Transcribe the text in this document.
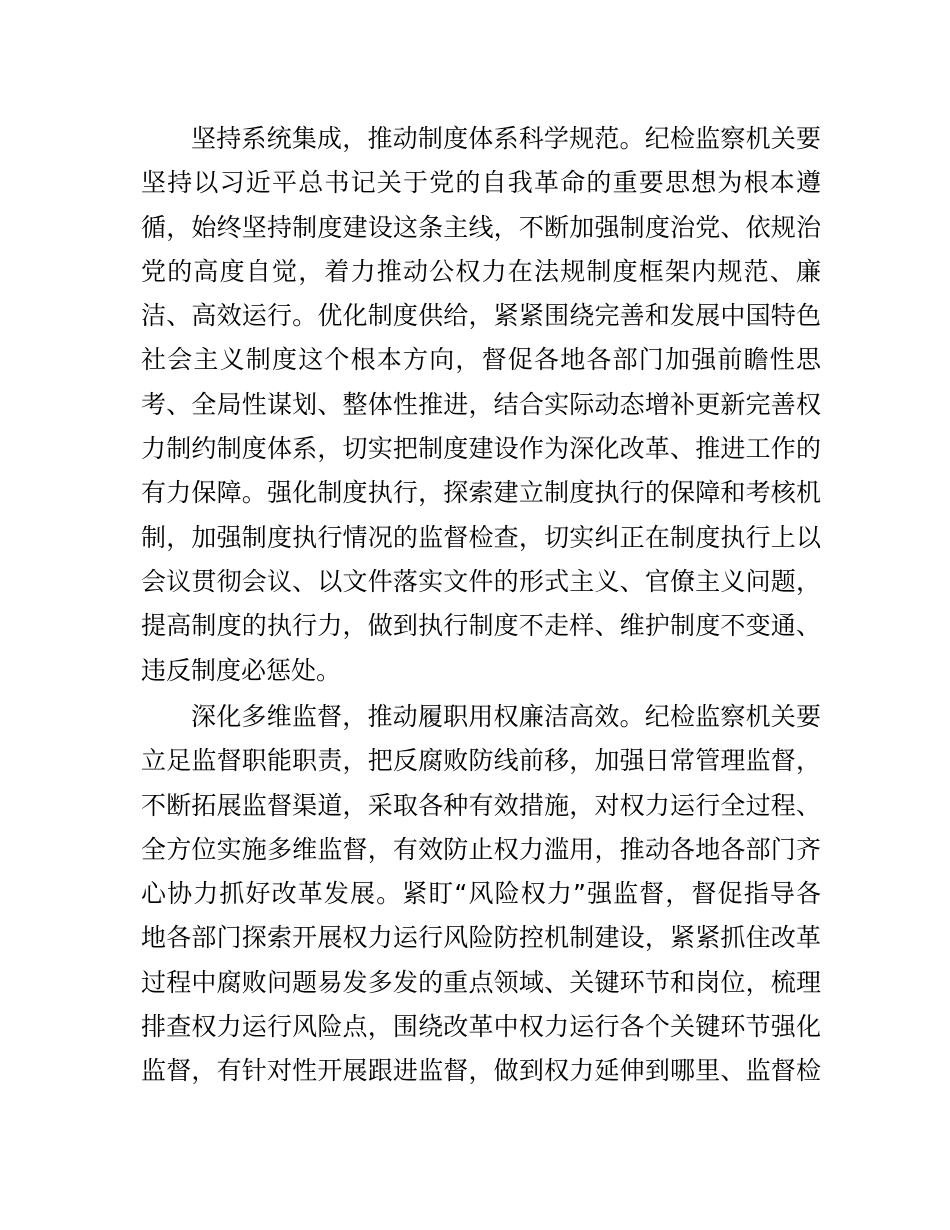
坚持系统集成，推动制度体系科学规范。纪检监察机关要
坚持以习近平总书记关于党的自我革命的重要思想为根本遵
循，始终坚持制度建设这条主线，不断加强制度治党、依规治
党的高度自觉，着力推动公权力在法规制度框架内规范、廉
洁、高效运行。优化制度供给，紧紧围绕完善和发展中国特色
社会主义制度这个根本方向，督促各地各部门加强前瞻性思
考、全局性谋划、整体性推进，结合实际动态增补更新完善权
力制约制度体系，切实把制度建设作为深化改革、推进工作的
有力保障。强化制度执行，探索建立制度执行的保障和考核机
制，加强制度执行情况的监督检查，切实纠正在制度执行上以
会议贯彻会议、以文件落实文件的形式主义、官僚主义问题，
提高制度的执行力，做到执行制度不走样、维护制度不变通、
违反制度必惩处。
深化多维监督，推动履职用权廉洁高效。纪检监察机关要
立足监督职能职责，把反腐败防线前移，加强日常管理监督，
不断拓展监督渠道，采取各种有效措施，对权力运行全过程、
全方位实施多维监督，有效防止权力滥用，推动各地各部门齐
心协力抓好改革发展。紧盯“风险权力”强监督，督促指导各
地各部门探索开展权力运行风险防控机制建设，紧紧抓住改革
过程中腐败问题易发多发的重点领域、关键环节和岗位，梳理
排查权力运行风险点，围绕改革中权力运行各个关键环节强化
监督，有针对性开展跟进监督，做到权力延伸到哪里、监督检
